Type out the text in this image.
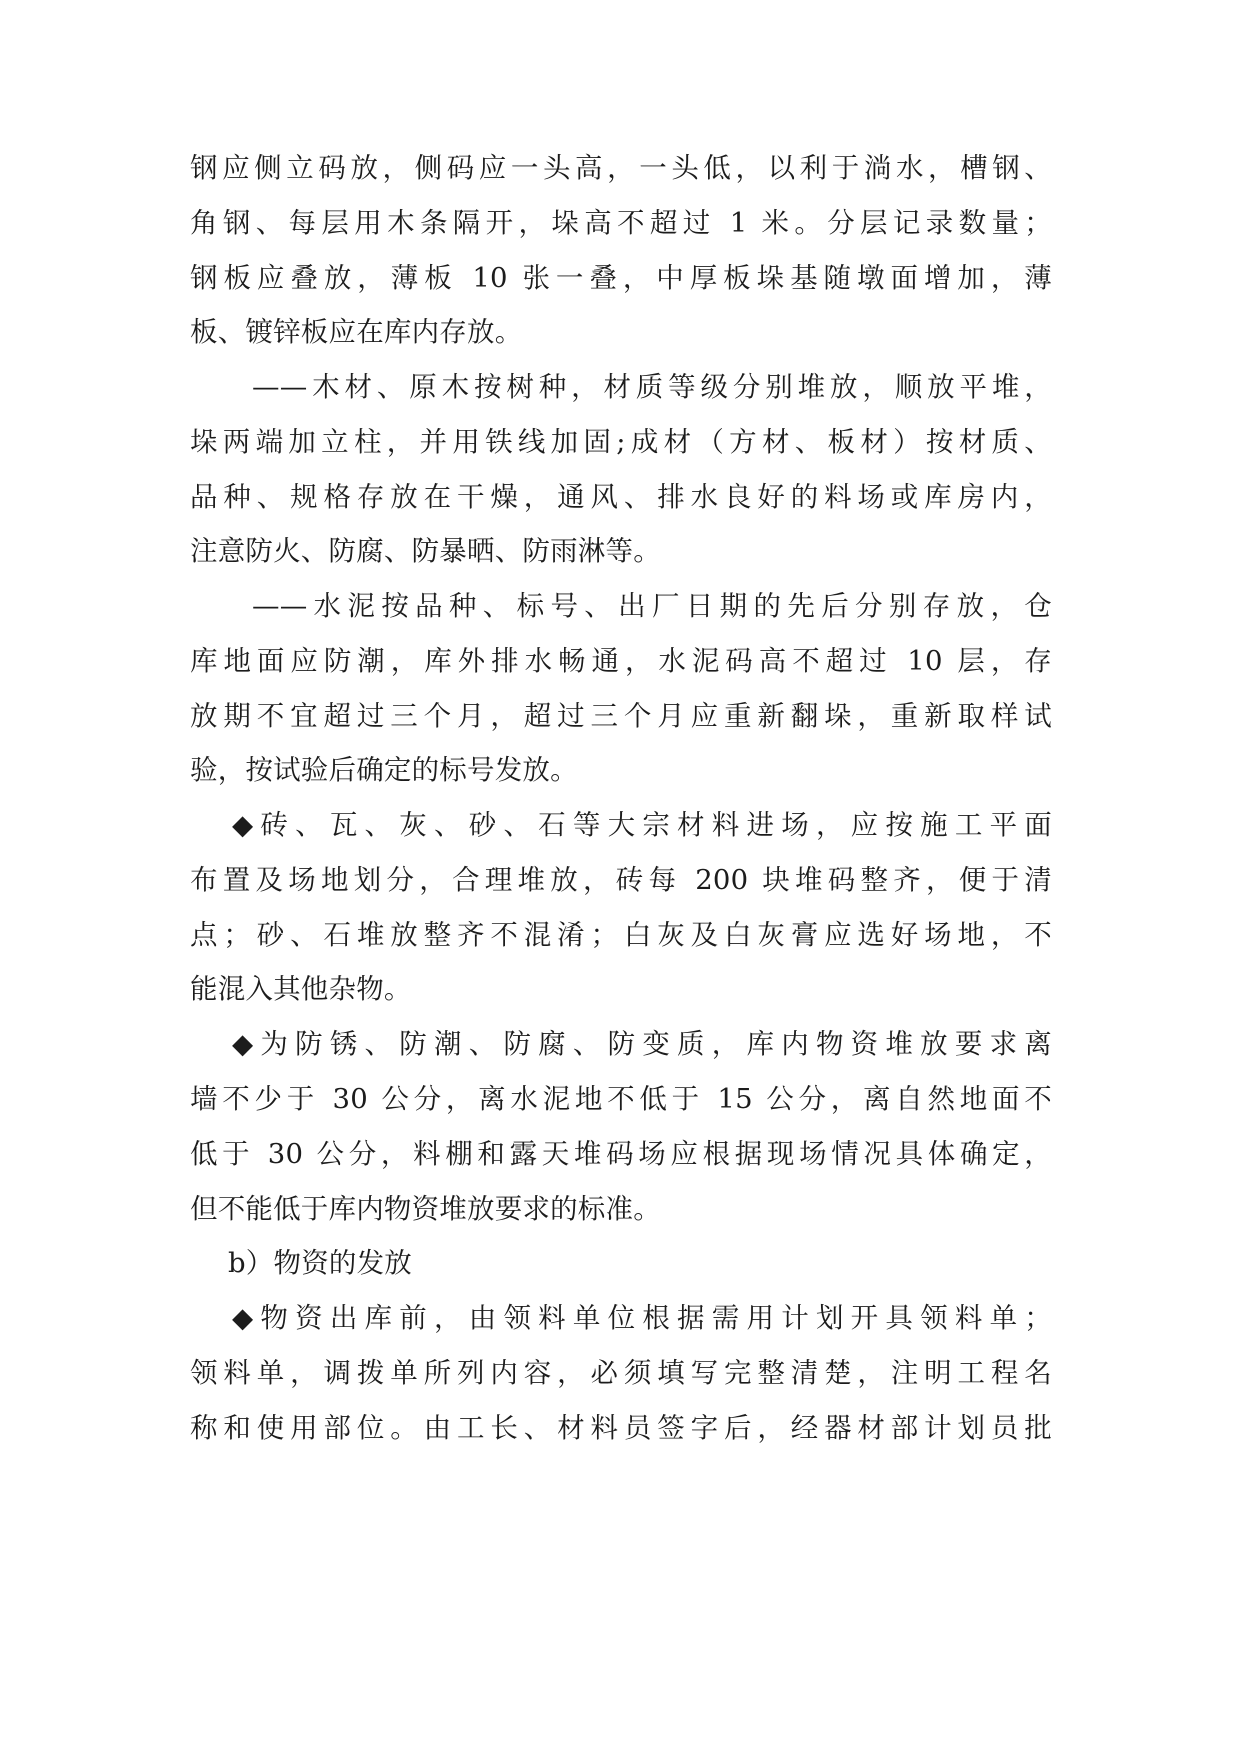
钢应侧立码放，侧码应一头高，一头低，以利于淌水，槽钢、
角钢、每层用木条隔开，垛高不超过 1 米。分层记录数量；
钢板应叠放，薄板 10 张一叠，中厚板垛基随墩面增加，薄
板、镀锌板应在库内存放。
——木材、原木按树种，材质等级分别堆放，顺放平堆，
垛两端加立柱，并用铁线加固;成材（方材、板材）按材质、
品种、规格存放在干燥，通风、排水良好的料场或库房内，
注意防火、防腐、防暴晒、防雨淋等。
——水泥按品种、标号、出厂日期的先后分别存放，仓
库地面应防潮，库外排水畅通，水泥码高不超过 10 层，存
放期不宜超过三个月，超过三个月应重新翻垛，重新取样试
验，按试验后确定的标号发放。
◆砖、瓦、灰、砂、石等大宗材料进场，应按施工平面
布置及场地划分，合理堆放，砖每 200 块堆码整齐，便于清
点；砂、石堆放整齐不混淆；白灰及白灰膏应选好场地，不
能混入其他杂物。
◆为防锈、防潮、防腐、防变质，库内物资堆放要求离
墙不少于 30 公分，离水泥地不低于 15 公分，离自然地面不
低于 30 公分，料棚和露天堆码场应根据现场情况具体确定，
但不能低于库内物资堆放要求的标准。
b）物资的发放
◆物资出库前，由领料单位根据需用计划开具领料单；
领料单，调拨单所列内容，必须填写完整清楚，注明工程名
称和使用部位。由工长、材料员签字后，经器材部计划员批
